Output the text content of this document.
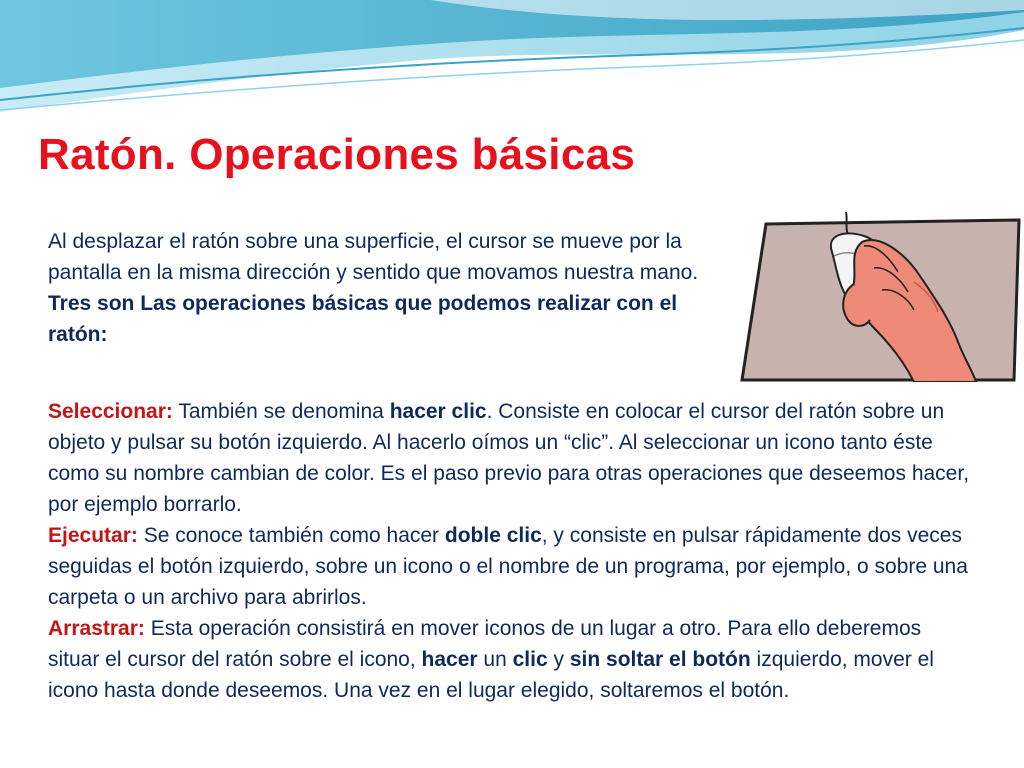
Ratón. Operaciones básicas

Al desplazar el ratón sobre una superficie, el cursor se mueve por la pantalla en la misma dirección y sentido que movamos nuestra mano. Tres son Las operaciones básicas que podemos realizar con el ratón:

Seleccionar: También se denomina hacer clic. Consiste en colocar el cursor del ratón sobre un objeto y pulsar su botón izquierdo. Al hacerlo oímos un “clic”. Al seleccionar un icono tanto éste como su nombre cambian de color. Es el paso previo para otras operaciones que deseemos hacer, por ejemplo borrarlo.
Ejecutar: Se conoce también como hacer doble clic, y consiste en pulsar rápidamente dos veces seguidas el botón izquierdo, sobre un icono o el nombre de un programa, por ejemplo, o sobre una carpeta o un archivo para abrirlos.
Arrastrar: Esta operación consistirá en mover iconos de un lugar a otro. Para ello deberemos situar el cursor del ratón sobre el icono, hacer un clic y sin soltar el botón izquierdo, mover el icono hasta donde deseemos. Una vez en el lugar elegido, soltaremos el botón.
